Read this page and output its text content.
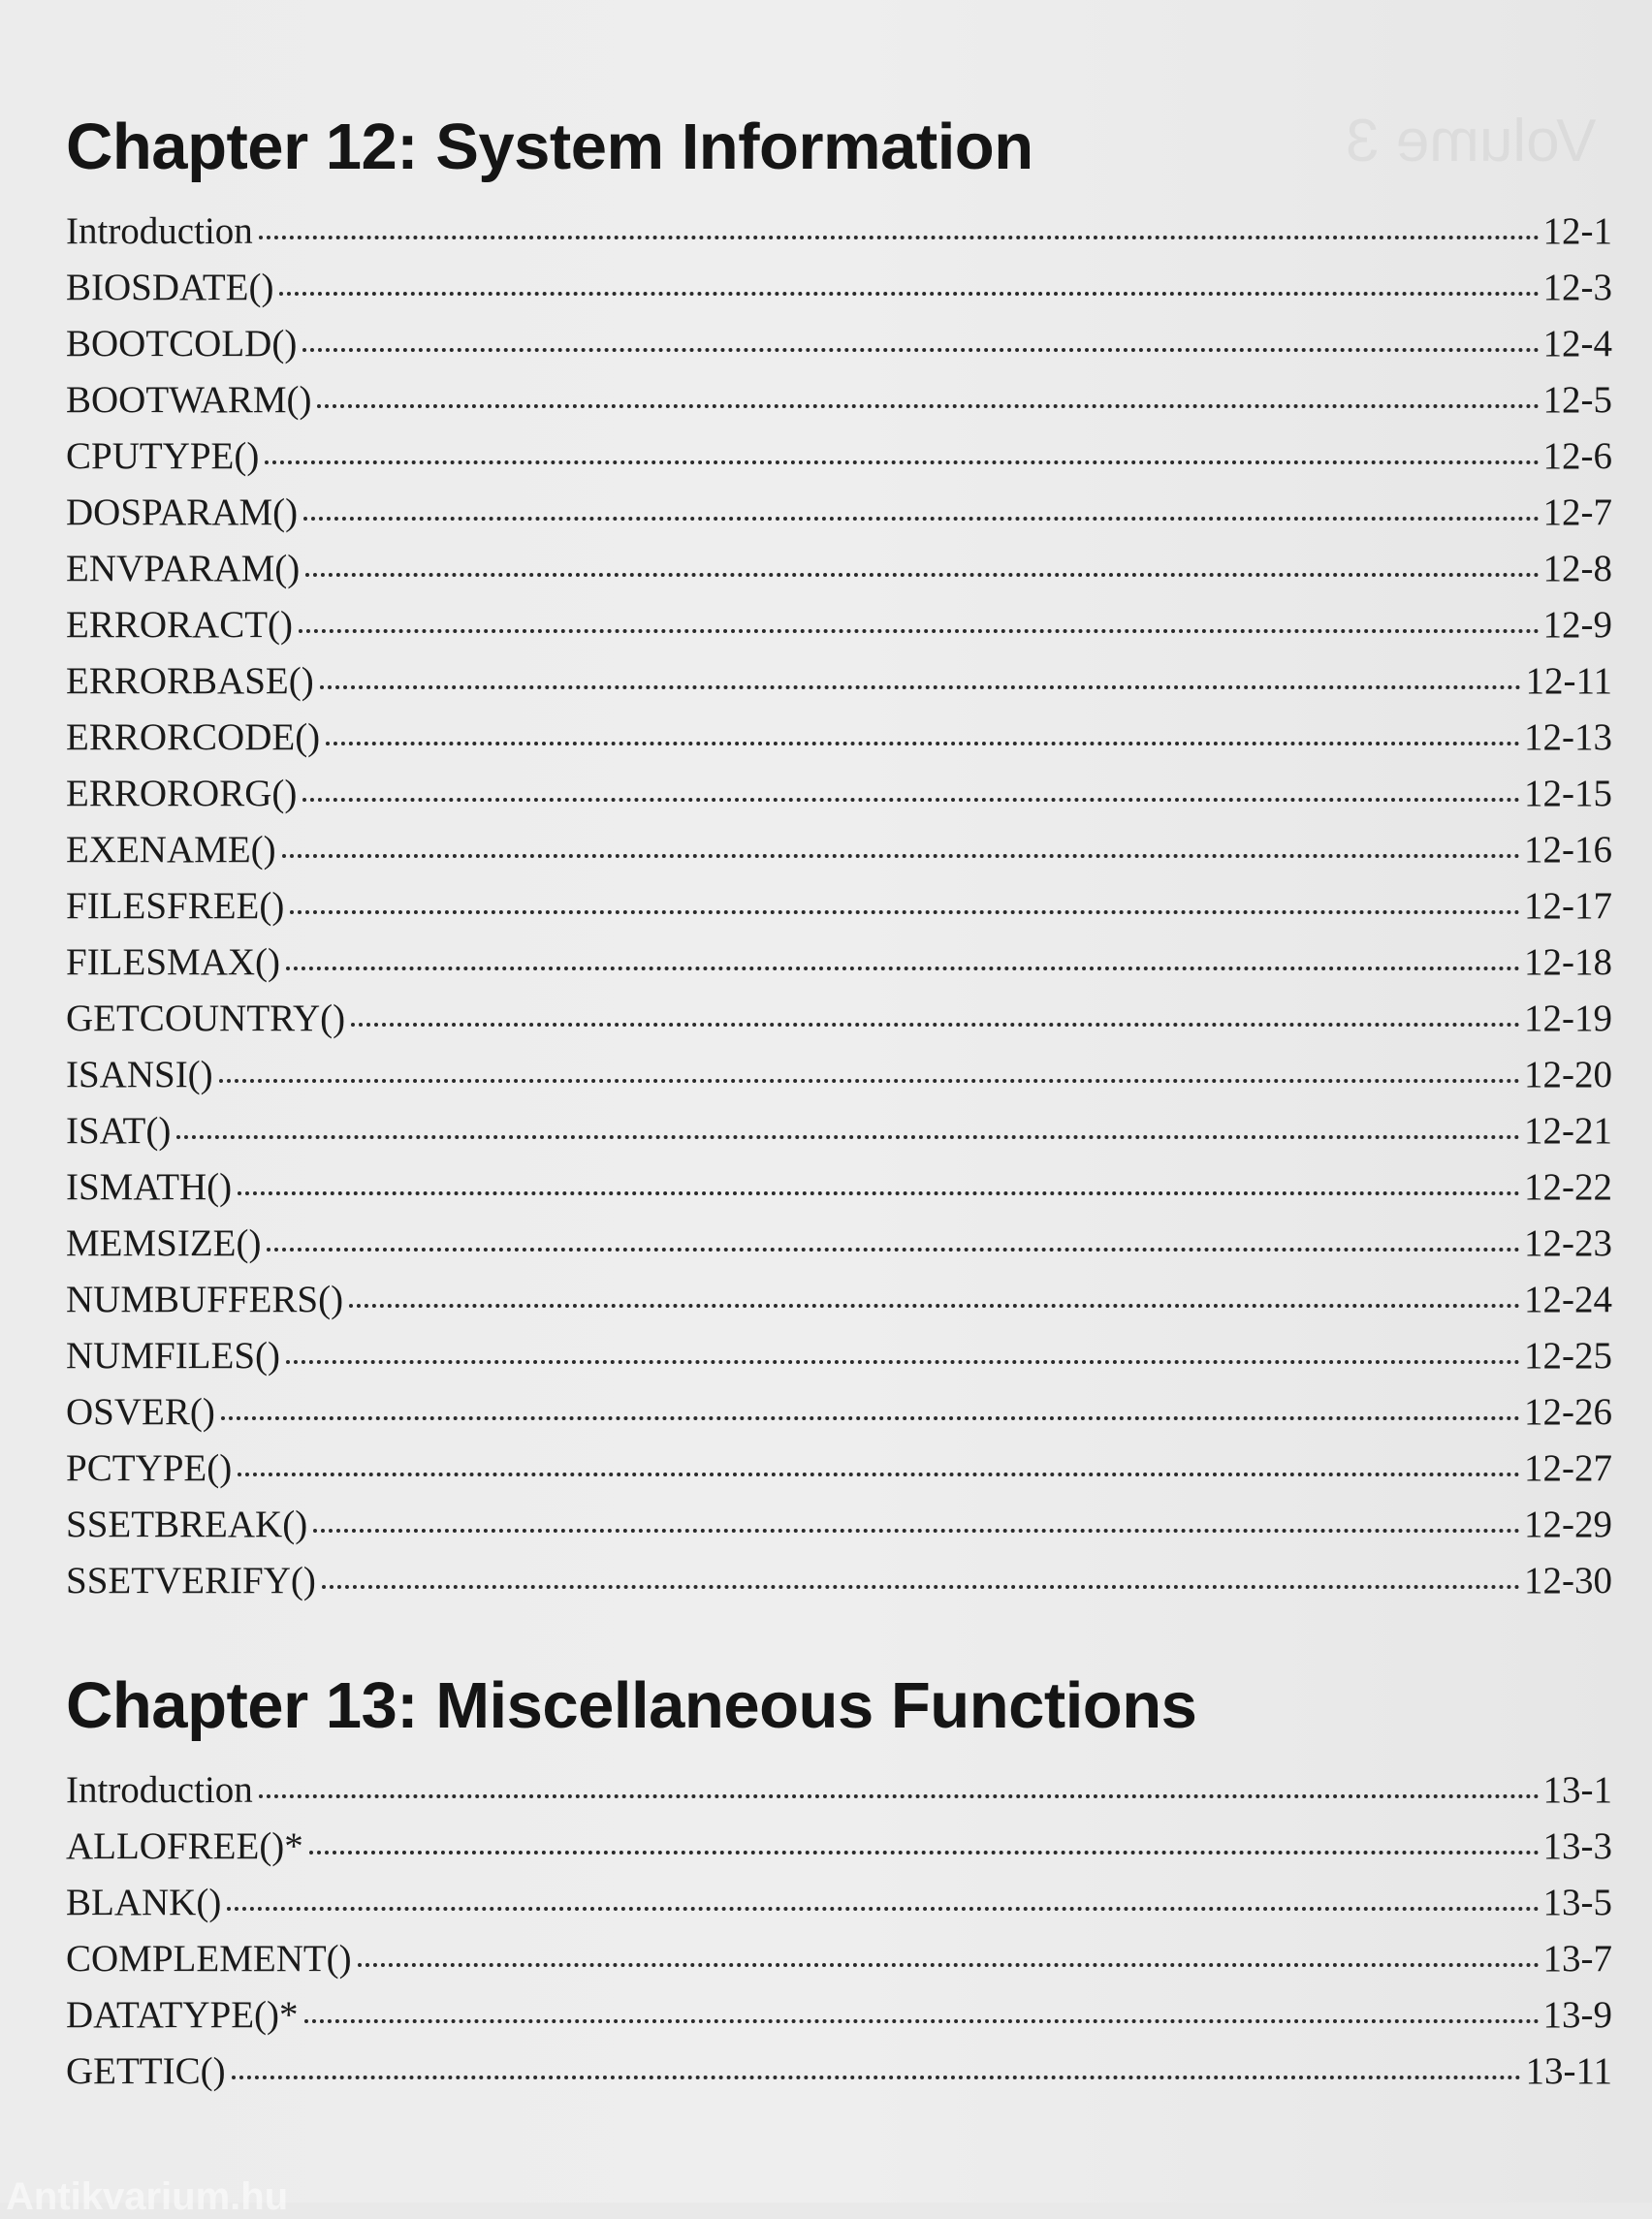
Volume 3
Chapter 12: System Information
Introduction	12-1
BIOSDATE()	12-3
BOOTCOLD()	12-4
BOOTWARM()	12-5
CPUTYPE()	12-6
DOSPARAM()	12-7
ENVPARAM()	12-8
ERRORACT()	12-9
ERRORBASE()	12-11
ERRORCODE()	12-13
ERRORORG()	12-15
EXENAME()	12-16
FILESFREE()	12-17
FILESMAX()	12-18
GETCOUNTRY()	12-19
ISANSI()	12-20
ISAT()	12-21
ISMATH()	12-22
MEMSIZE()	12-23
NUMBUFFERS()	12-24
NUMFILES()	12-25
OSVER()	12-26
PCTYPE()	12-27
SSETBREAK()	12-29
SSETVERIFY()	12-30
Chapter 13: Miscellaneous Functions
Introduction	13-1
ALLOFREE()*	13-3
BLANK()	13-5
COMPLEMENT()	13-7
DATATYPE()*	13-9
GETTIC()	13-11
Antikvarium.hu
